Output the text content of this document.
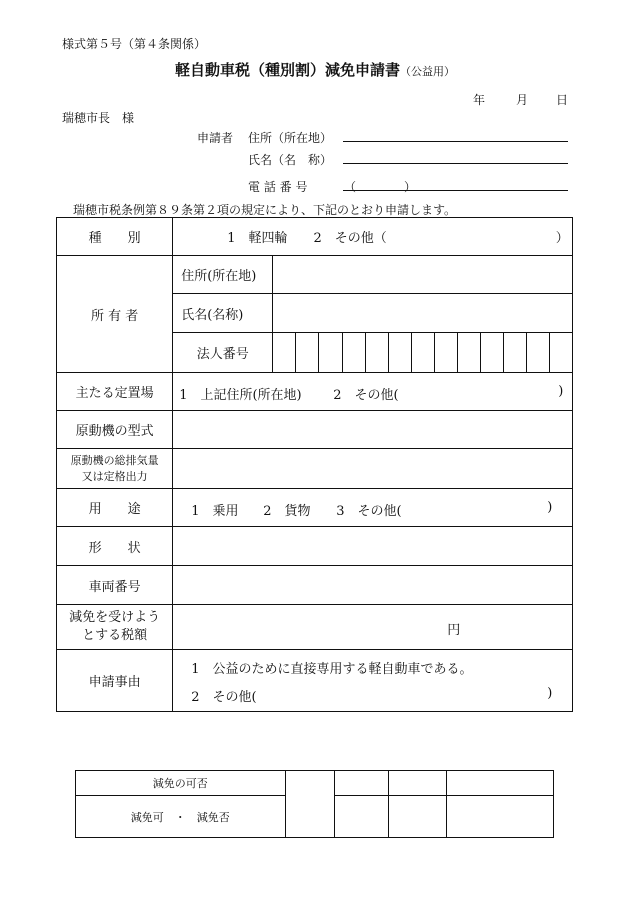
様式第５号（第４条関係）
軽自動車税（種別割）減免申請書（公益用）
年	月 日
瑞穂市長　様
申請者 住所（所在地）
氏名（名　称）
電 話 番 号	（　　　　）
瑞穂市税条例第８９条第２項の規定により、下記のとおり申請します。
種　　別	1　軽四輪　　2　その他（　　　　　　　　　　　　　）													
所 有 者	住所(所在地)													
	氏名(名称)													
	法人番号													
主たる定置場	1　上記住所(所在地) 2　その他( )													

原動機の型式														

原動機の総排気量
又は定格出力														

用　　途	1　乗用 2　貨物 3　その他( )													

形　　状														
車両番号														

減免を受けよう
とする税額	円													

申請事由	1　公益のために直接専用する軽自動車である。
2　その他( )													
減免の可否				
減免可　・　減免否				
